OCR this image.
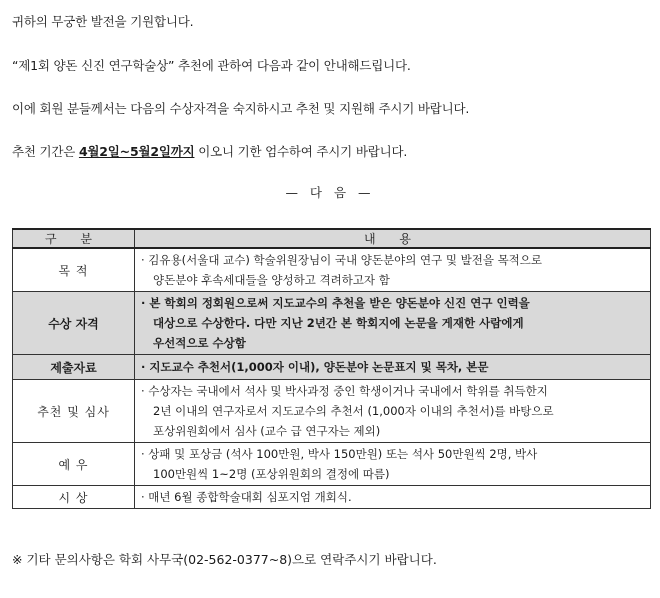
귀하의 무궁한 발전을 기원합니다.
“제1회 양돈 신진 연구학술상” 추천에 관하여 다음과 같이 안내해드립니다.
이에 회원 분들께서는 다음의 수상자격을 숙지하시고 추천 및 지원해 주시기 바랍니다.
추천 기간은 4월2일~5월2일까지 이오니 기한 엄수하여 주시기 바랍니다.
— 다 음 —
구 분	내 용
목 적	· 김유용(서울대 교수) 학술위원장님이 국내 양돈분야의 연구 및 발전을 목적으로
양돈분야 후속세대들을 양성하고 격려하고자 함

수상 자격	· 본 학회의 정회원으로써 지도교수의 추천을 받은 양돈분야 신진 연구 인력을
대상으로 수상한다. 다만 지난 2년간 본 학회지에 논문을 게재한 사람에게
우선적으로 수상함

제출자료	· 지도교수 추천서(1,000자 이내), 양돈분야 논문표지 및 목차, 본문

추천 및 심사	· 수상자는 국내에서 석사 및 박사과정 중인 학생이거나 국내에서 학위를 취득한지
2년 이내의 연구자로서 지도교수의 추천서 (1,000자 이내의 추천서)를 바탕으로
포상위원회에서 심사 (교수 급 연구자는 제외)

예 우	· 상패 및 포상금 (석사 100만원, 박사 150만원) 또는 석사 50만원씩 2명, 박사
100만원씩 1~2명 (포상위원회의 결정에 따름)

시 상	· 매년 6월 종합학술대회 심포지엄 개회식.
※ 기타 문의사항은 학회 사무국(02-562-0377~8)으로 연락주시기 바랍니다.
